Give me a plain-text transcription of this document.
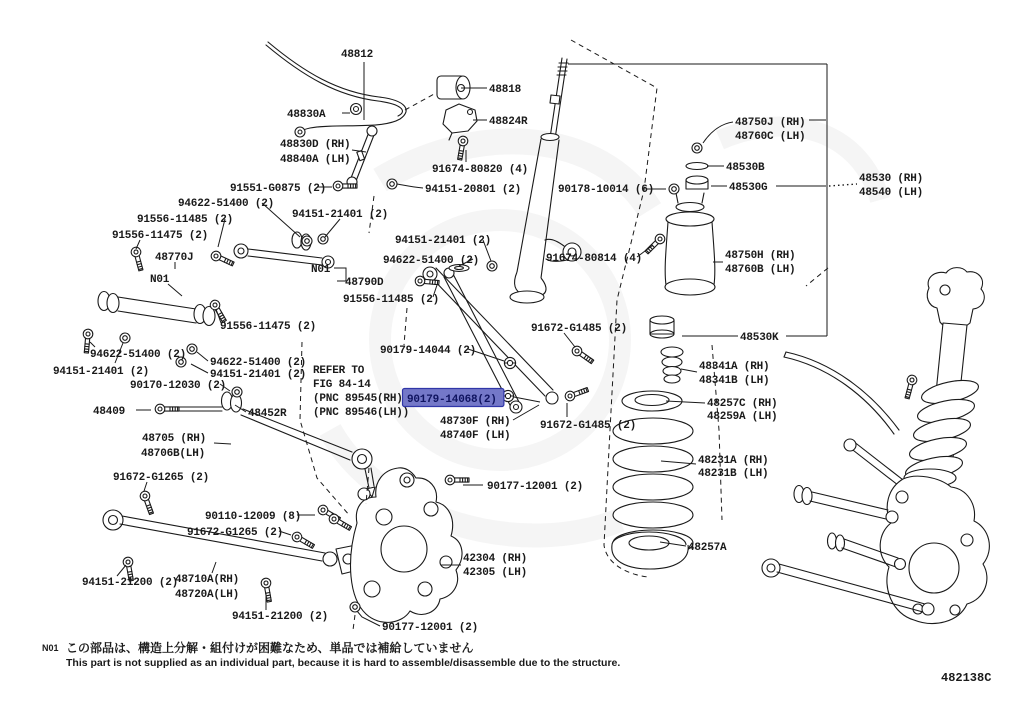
48812
48818
48830A
48824R
48830D (RH)
48840A (LH)
91674-80820 (4)
94151-20801 (2)
91551-G0875 (2)
94622-51400 (2)
94151-21401 (2)
91556-11485 (2)
91556-11475 (2)
48770J
N01
N01
48790D
94151-21401 (2)
94622-51400 (2)
91556-11485 (2)
91556-11475 (2)
90178-10014 (6)
48750J (RH)
48760C (LH)
48530B
48530G
48530 (RH)
48540 (LH)
48750H (RH)
48760B (LH)
91674-80814 (4)
48530K
48341A (RH)
48341B (LH)
48257C (RH)
48259A (LH)
48231A (RH)
48231B (LH)
48257A
90179-14044 (2)
REFER TO
FIG 84-14
(PNC 89545(RH)
(PNC 89546(LH))
90179-14068(2)
48730F (RH)
48740F (LH)
91672-G1485 (2)
91672-G1485 (2)
94622-51400 (2)
94151-21401 (2)
94622-51400 (2)
94151-21401 (2)
90170-12030 (2)
48409	48452R
48705 (RH)
48706B(LH)
91672-G1265 (2)
90110-12009 (8)
91672-G1265 (2)
94151-21200 (2)
48710A(RH)
48720A(LH)
94151-21200 (2)
90177-12001 (2)
42304 (RH)
42305 (LH)
90177-12001 (2)
N01 この部品は、構造上分解・組付けが困難なため、単品では補給していません
This part is not supplied as an individual part, because it is hard to assemble/disassemble due to the structure.
482138C
